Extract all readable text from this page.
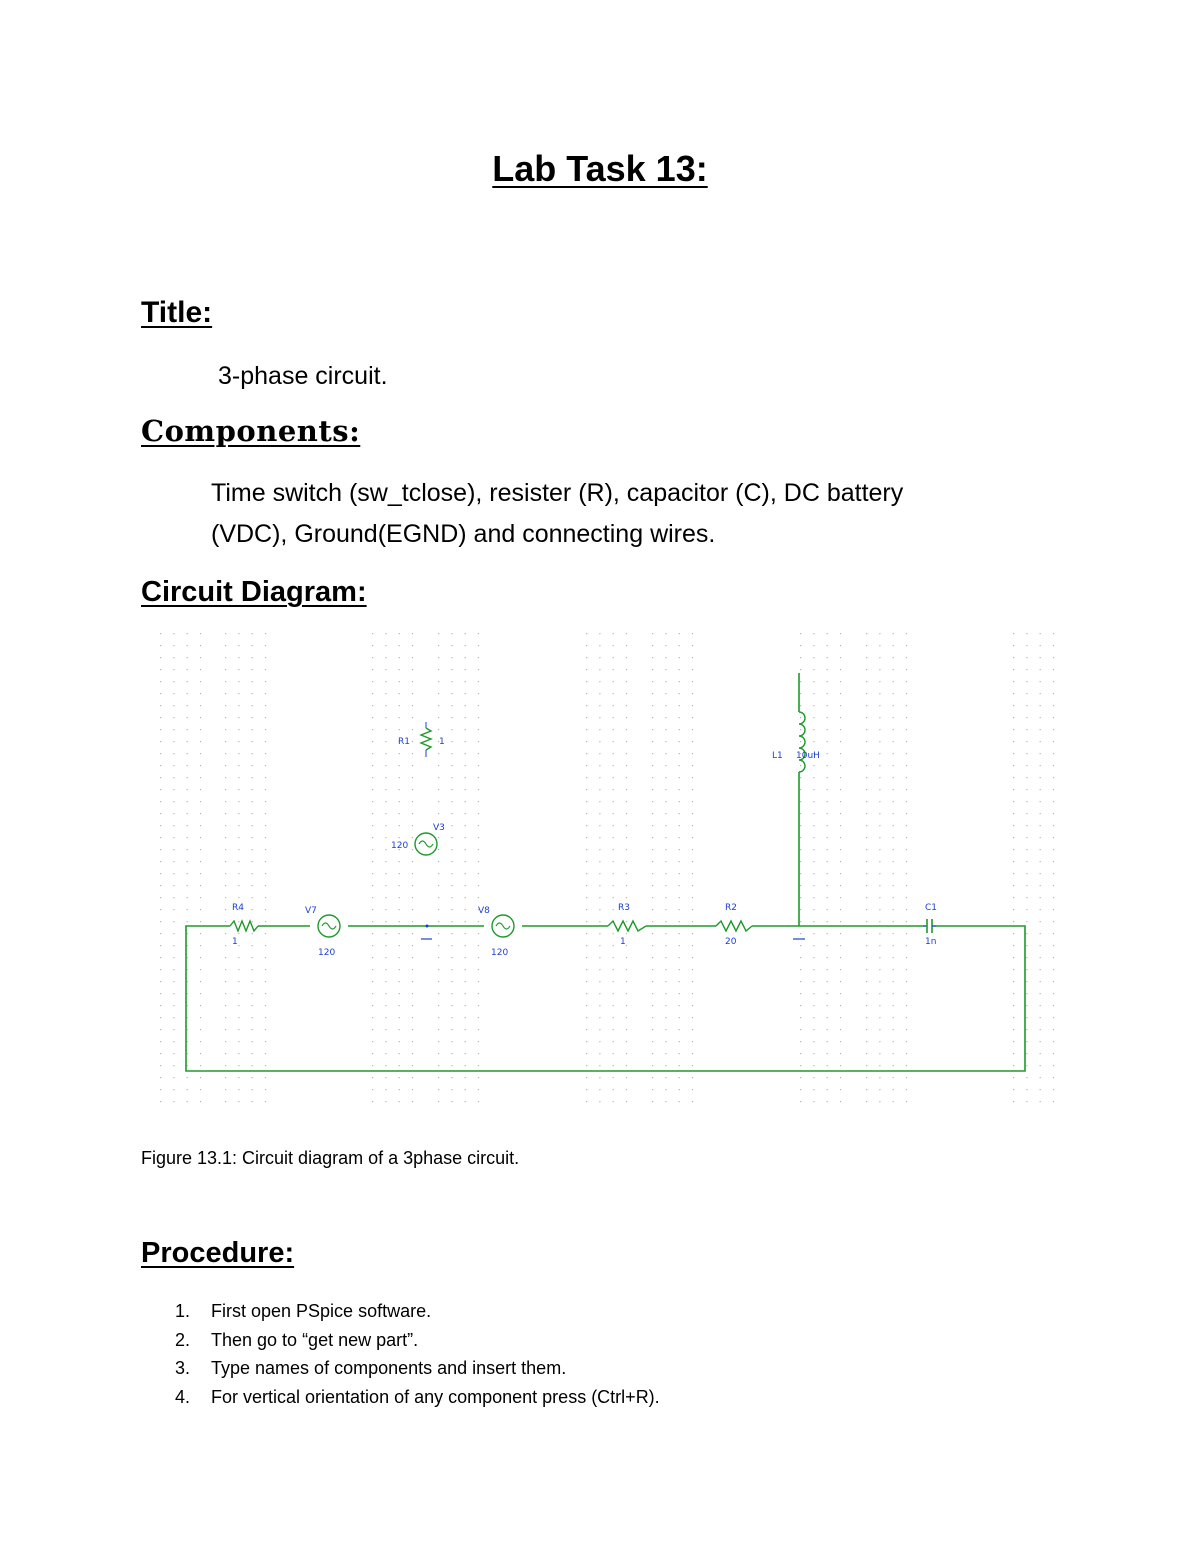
Lab Task 13:
Title:
3-phase circuit.
Components:
Time switch (sw_tclose), resister (R), capacitor (C), DC battery
(VDC), Ground(EGND) and connecting wires.
Circuit Diagram:
R1	1
V3
120
L1 10uH
R4
1
V7
120
V8
120
R3
1
R2
20
C1
1n
Figure 13.1: Circuit diagram of a 3phase circuit.
Procedure:
1. First open PSpice software.
2. Then go to “get new part”.
3. Type names of components and insert them.
4. For vertical orientation of any component press (Ctrl+R).
